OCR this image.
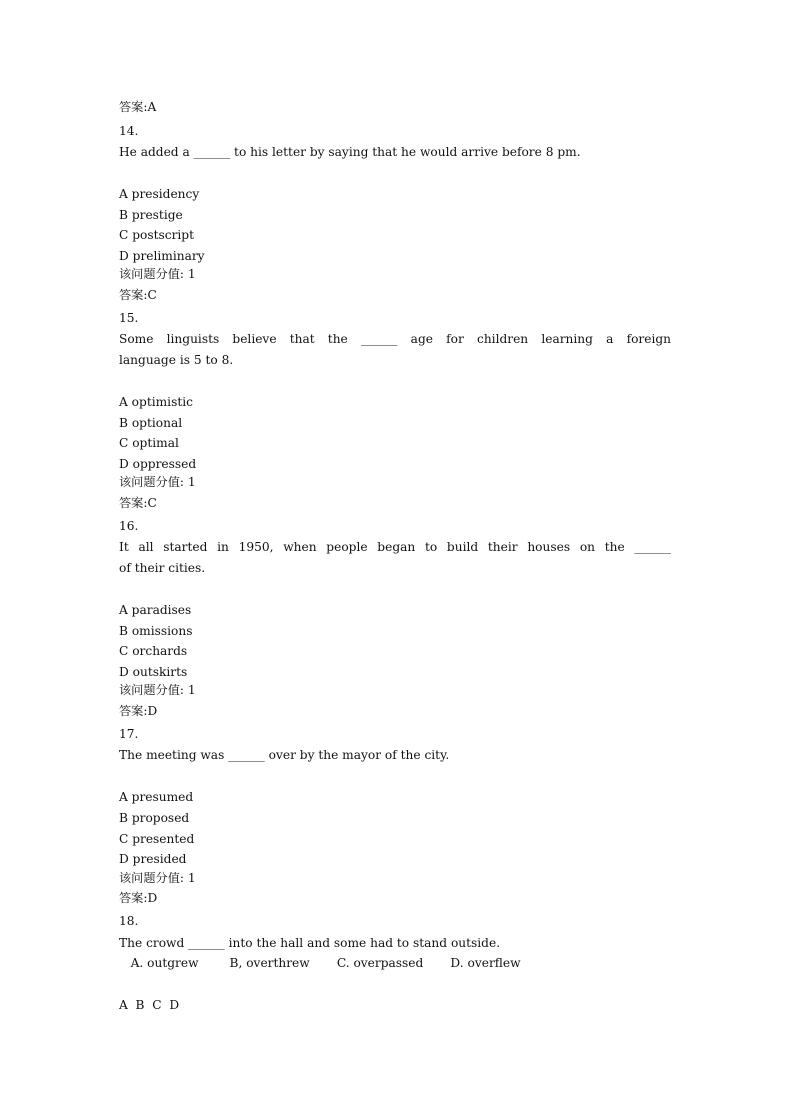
答案:A

14.

He added a ______ to his letter by saying that he would arrive before 8 pm.

A presidency

B prestige

C postscript

D preliminary

该问题分值: 1

答案:C

15.

Some linguists believe that the ______ age for children learning a foreign

language is 5 to 8.

A optimistic

B optional

C optimal

D oppressed

该问题分值: 1

答案:C

16.

It all started in 1950, when people began to build their houses on the ______

of their cities.

A paradises

B omissions

C orchards

D outskirts

该问题分值: 1

答案:D

17.

The meeting was ______ over by the mayor of the city.

A presumed

B proposed

C presented

D presided

该问题分值: 1

答案:D

18.

The crowd ______ into the hall and some had to stand outside.

A. outgrew        B, overthrew       C. overpassed       D. overflew

A  B  C  D
